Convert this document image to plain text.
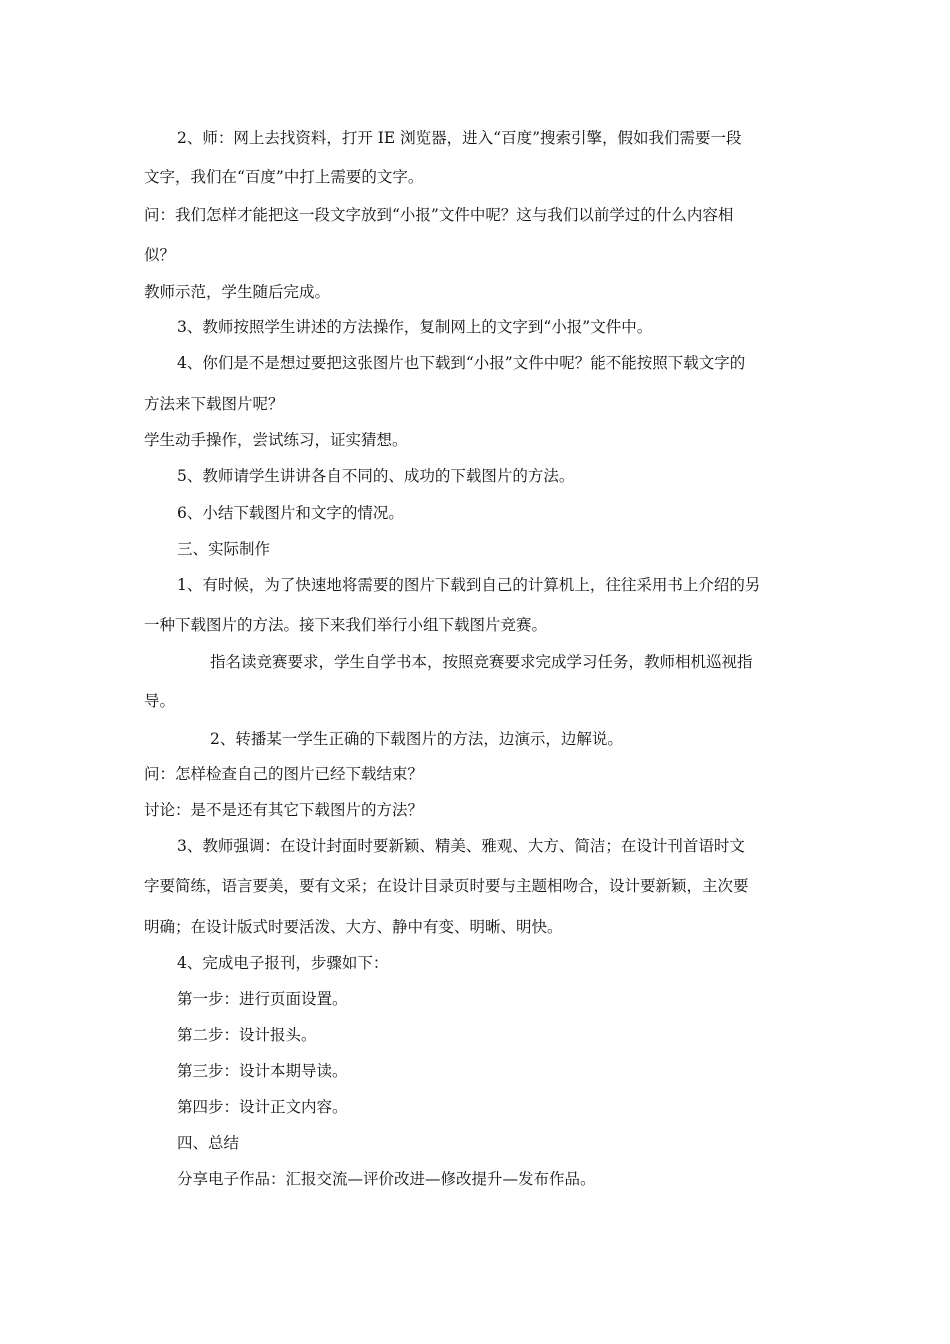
2、师：网上去找资料，打开 IE 浏览器，进入“百度”搜索引擎，假如我们需要一段

文字，我们在“百度”中打上需要的文字。

问：我们怎样才能把这一段文字放到“小报”文件中呢？这与我们以前学过的什么内容相

似？

教师示范，学生随后完成。

3、教师按照学生讲述的方法操作，复制网上的文字到“小报”文件中。

4、你们是不是想过要把这张图片也下载到“小报”文件中呢？能不能按照下载文字的

方法来下载图片呢？

学生动手操作，尝试练习，证实猜想。

5、教师请学生讲讲各自不同的、成功的下载图片的方法。

6、小结下载图片和文字的情况。

三、实际制作

1、有时候，为了快速地将需要的图片下载到自己的计算机上，往往采用书上介绍的另

一种下载图片的方法。接下来我们举行小组下载图片竞赛。

指名读竞赛要求，学生自学书本，按照竞赛要求完成学习任务，教师相机巡视指

导。

2、转播某一学生正确的下载图片的方法，边演示，边解说。

问：怎样检查自己的图片已经下载结束？

讨论：是不是还有其它下载图片的方法？

3、教师强调：在设计封面时要新颖、精美、雅观、大方、简洁；在设计刊首语时文

字要简练，语言要美，要有文采；在设计目录页时要与主题相吻合，设计要新颖，主次要

明确；在设计版式时要活泼、大方、静中有变、明晰、明快。

4、完成电子报刊，步骤如下：

第一步：进行页面设置。

第二步：设计报头。

第三步：设计本期导读。

第四步：设计正文内容。

四、总结

分享电子作品：汇报交流—评价改进—修改提升—发布作品。
